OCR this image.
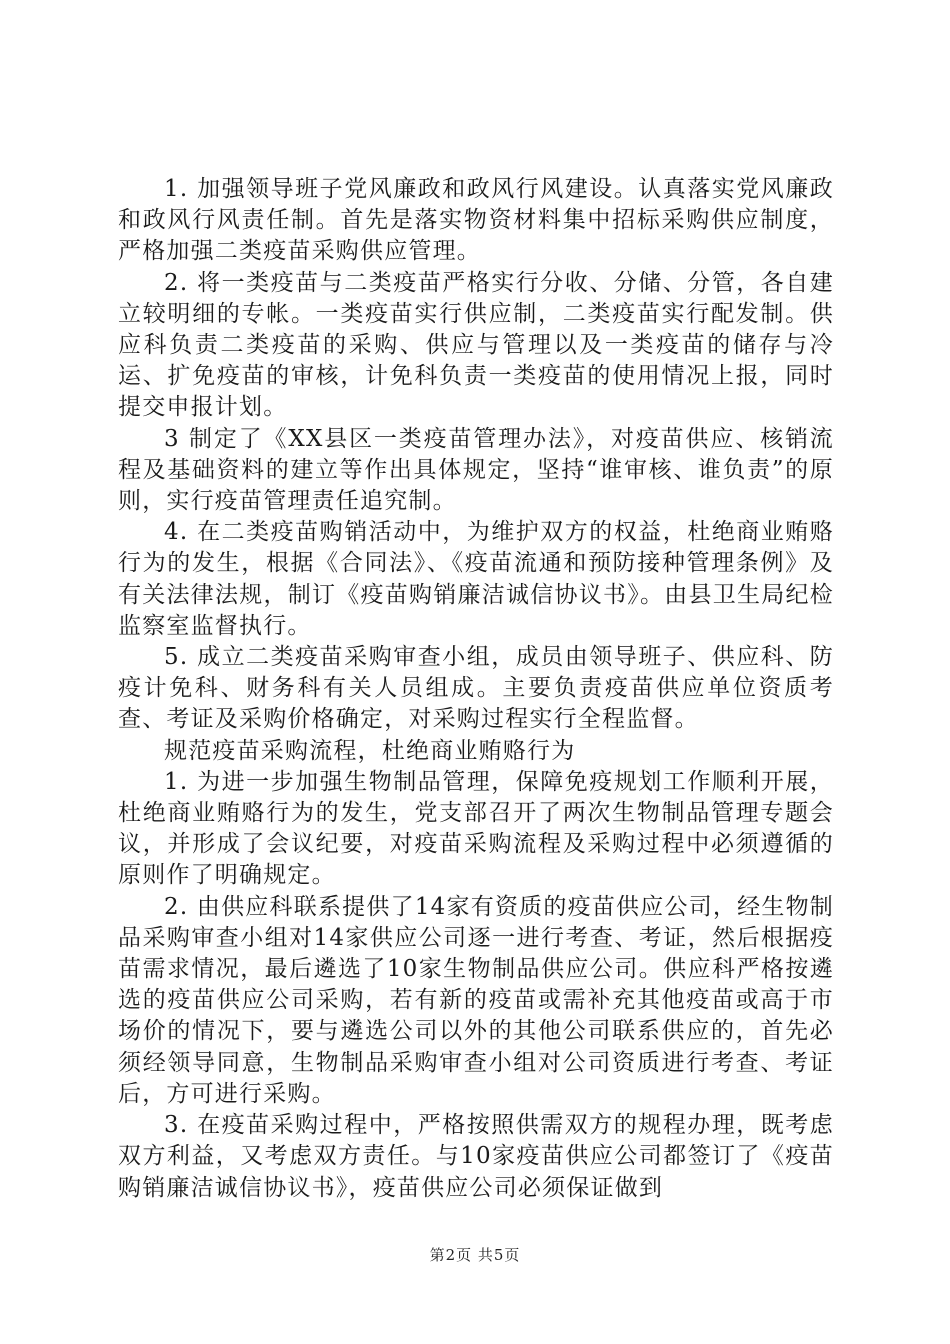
1. 加强领导班子党风廉政和政风行风建设。认真落实党风廉政和政风行风责任制。首先是落实物资材料集中招标采购供应制度，严格加强二类疫苗采购供应管理。

2. 将一类疫苗与二类疫苗严格实行分收、分储、分管，各自建立较明细的专帐。一类疫苗实行供应制，二类疫苗实行配发制。供应科负责二类疫苗的采购、供应与管理以及一类疫苗的储存与冷运、扩免疫苗的审核，计免科负责一类疫苗的使用情况上报，同时提交申报计划。

3 制定了《XX县区一类疫苗管理办法》，对疫苗供应、核销流程及基础资料的建立等作出具体规定，坚持“谁审核、谁负责”的原则，实行疫苗管理责任追究制。

4. 在二类疫苗购销活动中，为维护双方的权益，杜绝商业贿赂行为的发生，根据《合同法》、《疫苗流通和预防接种管理条例》及有关法律法规，制订《疫苗购销廉洁诚信协议书》。由县卫生局纪检监察室监督执行。

5. 成立二类疫苗采购审查小组，成员由领导班子、供应科、防疫计免科、财务科有关人员组成。主要负责疫苗供应单位资质考查、考证及采购价格确定，对采购过程实行全程监督。

规范疫苗采购流程，杜绝商业贿赂行为

1. 为进一步加强生物制品管理，保障免疫规划工作顺利开展，杜绝商业贿赂行为的发生，党支部召开了两次生物制品管理专题会议，并形成了会议纪要，对疫苗采购流程及采购过程中必须遵循的原则作了明确规定。

2. 由供应科联系提供了14家有资质的疫苗供应公司，经生物制品采购审查小组对14家供应公司逐一进行考查、考证，然后根据疫苗需求情况，最后遴选了10家生物制品供应公司。供应科严格按遴选的疫苗供应公司采购，若有新的疫苗或需补充其他疫苗或高于市场价的情况下，要与遴选公司以外的其他公司联系供应的，首先必须经领导同意，生物制品采购审查小组对公司资质进行考查、考证后，方可进行采购。

3. 在疫苗采购过程中，严格按照供需双方的规程办理，既考虑双方利益，又考虑双方责任。与10家疫苗供应公司都签订了《疫苗购销廉洁诚信协议书》，疫苗供应公司必须保证做到

第2页 共5页
